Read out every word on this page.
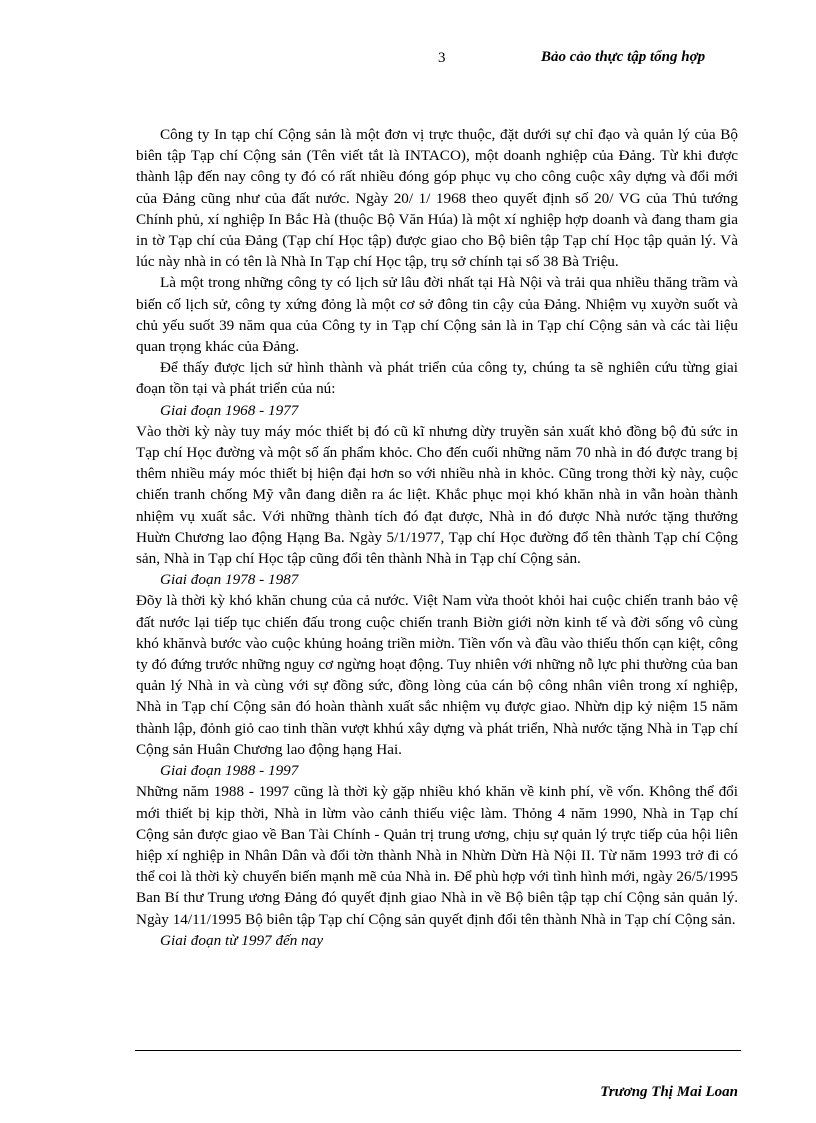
3	Bảo cảo thực tập tổng hợp

Công ty In tạp chí Cộng sản là một đơn vị trực thuộc, đặt dưới sự chỉ đạo và quản lý của Bộ biên tập Tạp chí Cộng sản (Tên viết tắt là INTACO), một doanh nghiệp của Đảng. Từ khi được thành lập đến nay công ty đó có rất nhiều đóng góp phục vụ cho công cuộc xây dựng và đổi mới của Đảng cũng như của đất nước. Ngày 20/ 1/ 1968 theo quyết định số 20/ VG của Thủ tướng Chính phủ, xí nghiệp In Bắc Hà (thuộc Bộ Văn Húa) là một xí nghiệp hợp doanh và đang tham gia in tờ Tạp chí của Đảng (Tạp chí Học tập) được giao cho Bộ biên tập Tạp chí Học tập quản lý. Và lúc này nhà in có tên là Nhà In Tạp chí Học tập, trụ sở chính tại số 38 Bà Triệu.

Là một trong những công ty có lịch sử lâu đời nhất tại Hà Nội và trải qua nhiều thăng trầm và biến cố lịch sử, công ty xứng đỏng là một cơ sở đông tin cậy của Đảng. Nhiệm vụ xuyờn suốt và chủ yếu suốt 39 năm qua của Công ty in Tạp chí Cộng sản là in Tạp chí Cộng sản và các tài liệu quan trọng khác của Đảng.

Để thấy được lịch sử hình thành và phát triển của công ty, chúng ta sẽ nghiên cứu từng giai đoạn tồn tại và phát triển của nú:

Giai đoạn 1968 - 1977

Vào thời kỳ này tuy máy móc thiết bị đó cũ kĩ nhưng dừy truyền sản xuất khỏ đồng bộ đủ sức in Tạp chí Học đường và một số ấn phẩm khỏc. Cho đến cuối những năm 70 nhà in đó được trang bị thêm nhiều máy móc thiết bị hiện đại hơn so với nhiều nhà in khỏc. Cũng trong thời kỳ này, cuộc chiến tranh chống Mỹ vẫn đang diễn ra ác liệt. Khắc phục mọi khó khăn nhà in vẫn hoàn thành nhiệm vụ xuất sắc. Với những thành tích đó đạt được, Nhà in đó được Nhà nước tặng thưởng Huừn Chương lao động Hạng Ba. Ngày 5/1/1977, Tạp chí Học đường đổ tên thành Tạp chí Cộng sản, Nhà in Tạp chí Học tập cũng đổi tên thành Nhà in Tạp chí Cộng sản.

Giai đoạn 1978 - 1987

Đõy là thời kỳ khó khăn chung của cả nước. Việt Nam vừa thoỏt khỏi hai cuộc chiến tranh bảo vệ đất nước lại tiếp tục chiến đấu trong cuộc chiến tranh Biờn giới nờn kinh tế và đời sống vô cùng khó khănvà bước vào cuộc khủng hoảng triền miờn. Tiền vốn và đầu vào thiếu thốn cạn kiệt, công ty đó đứng trước những nguy cơ ngừng hoạt động. Tuy nhiên với những nỗ lực phi thường của ban quản lý Nhà in và cùng với sự đồng sức, đồng lòng của cán bộ công nhân viên trong xí nghiệp, Nhà in Tạp chí Cộng sản đó hoàn thành xuất sắc nhiệm vụ được giao. Nhừn dịp kỷ niệm 15 năm thành lập, đỏnh giỏ cao tinh thần vượt khhú xây dựng và phát triển, Nhà nước tặng Nhà in Tạp chí Cộng sản Huân Chương lao động hạng Hai.

Giai đoạn 1988 - 1997

Những năm 1988 - 1997 cũng là thời kỳ gặp nhiều khó khăn về kinh phí, về vốn. Không thể đổi mới thiết bị kịp thời, Nhà in lừm vào cảnh thiếu việc làm. Thỏng 4 năm 1990, Nhà in Tạp chí Cộng sản được giao về Ban Tài Chính - Quản trị trung ương, chịu sự quản lý trực tiếp của hội liên hiệp xí nghiệp in Nhân Dân và đổi tờn thành Nhà in Nhừn Dừn Hà Nội II. Từ năm 1993 trở đi có thể coi là thời kỳ chuyển biến mạnh mẽ của Nhà in. Để phù hợp với tình hình mới, ngày 26/5/1995 Ban Bí thư Trung ương Đảng đó quyết định giao Nhà in về Bộ biên tập tạp chí Cộng sản quản lý. Ngày 14/11/1995 Bộ biên tập Tạp chí Cộng sản quyết định đổi tên thành Nhà in Tạp chí Cộng sản.

Giai đoạn từ 1997 đến nay

Trương Thị Mai Loan
